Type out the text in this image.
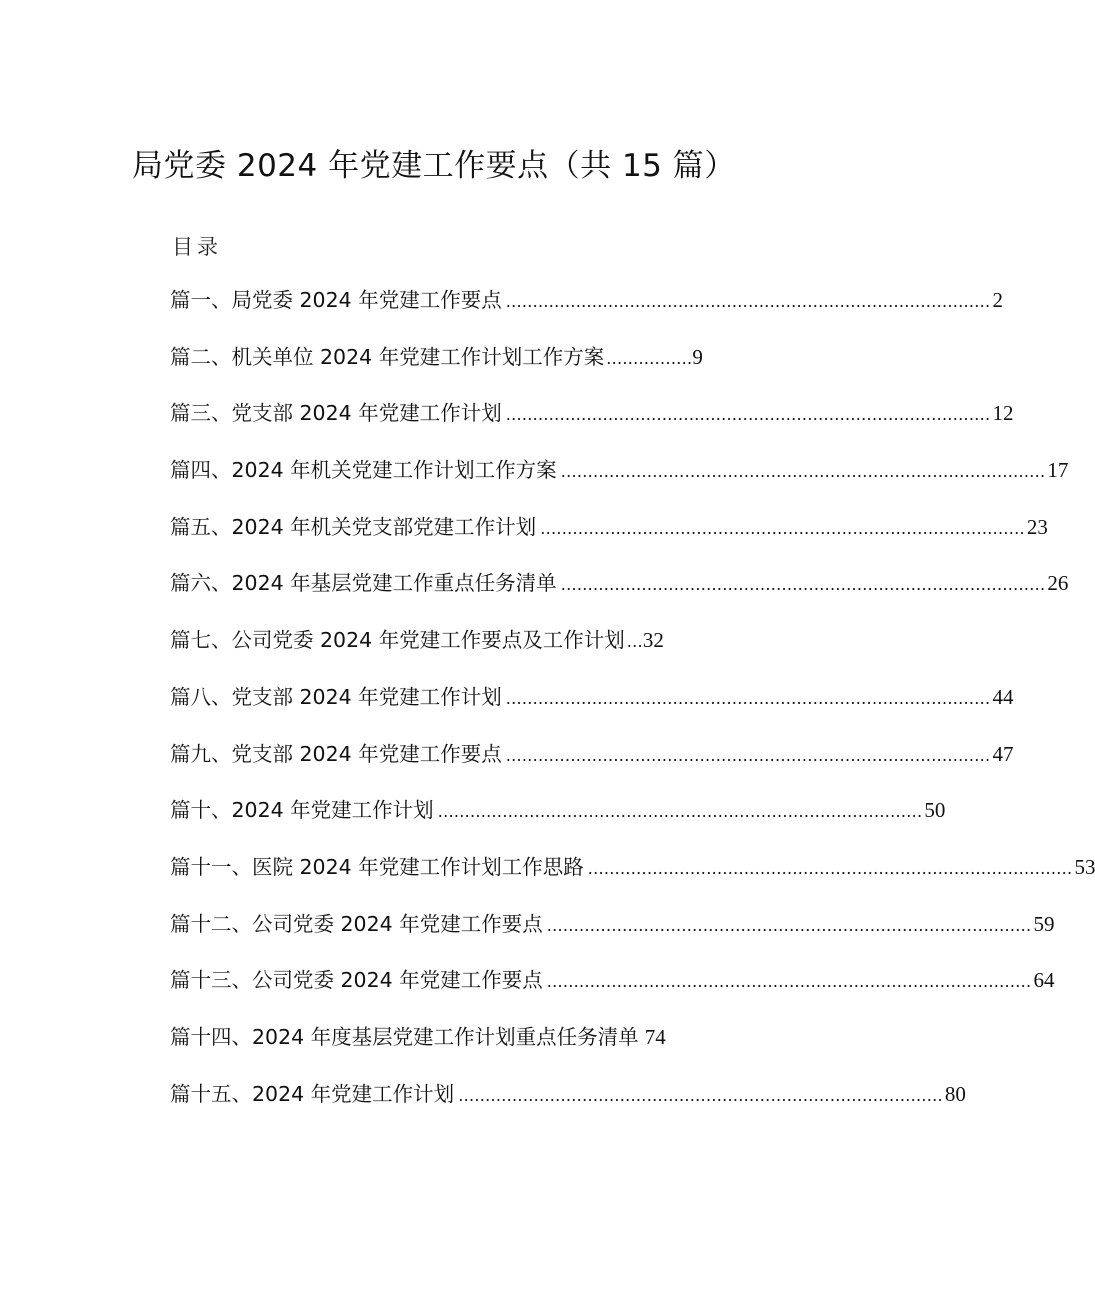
局党委 2024 年党建工作要点（共 15 篇）
目录
篇一、局党委 2024 年党建工作要点 .......................................................................................... 2
篇二、机关单位 2024 年党建工作计划工作方案 ................ 9
篇三、党支部 2024 年党建工作计划 .......................................................................................... 12
篇四、2024 年机关党建工作计划工作方案 .......................................................................................... 17
篇五、2024 年机关党支部党建工作计划 .......................................................................................... 23
篇六、2024 年基层党建工作重点任务清单 .......................................................................................... 26
篇七、公司党委 2024 年党建工作要点及工作计划 ... 32
篇八、党支部 2024 年党建工作计划 .......................................................................................... 44
篇九、党支部 2024 年党建工作要点 .......................................................................................... 47
篇十、2024 年党建工作计划 .......................................................................................... 50
篇十一、医院 2024 年党建工作计划工作思路 .......................................................................................... 53
篇十二、公司党委 2024 年党建工作要点 .......................................................................................... 59
篇十三、公司党委 2024 年党建工作要点 .......................................................................................... 64
篇十四、2024 年度基层党建工作计划重点任务清单 74
篇十五、2024 年党建工作计划 .......................................................................................... 80
